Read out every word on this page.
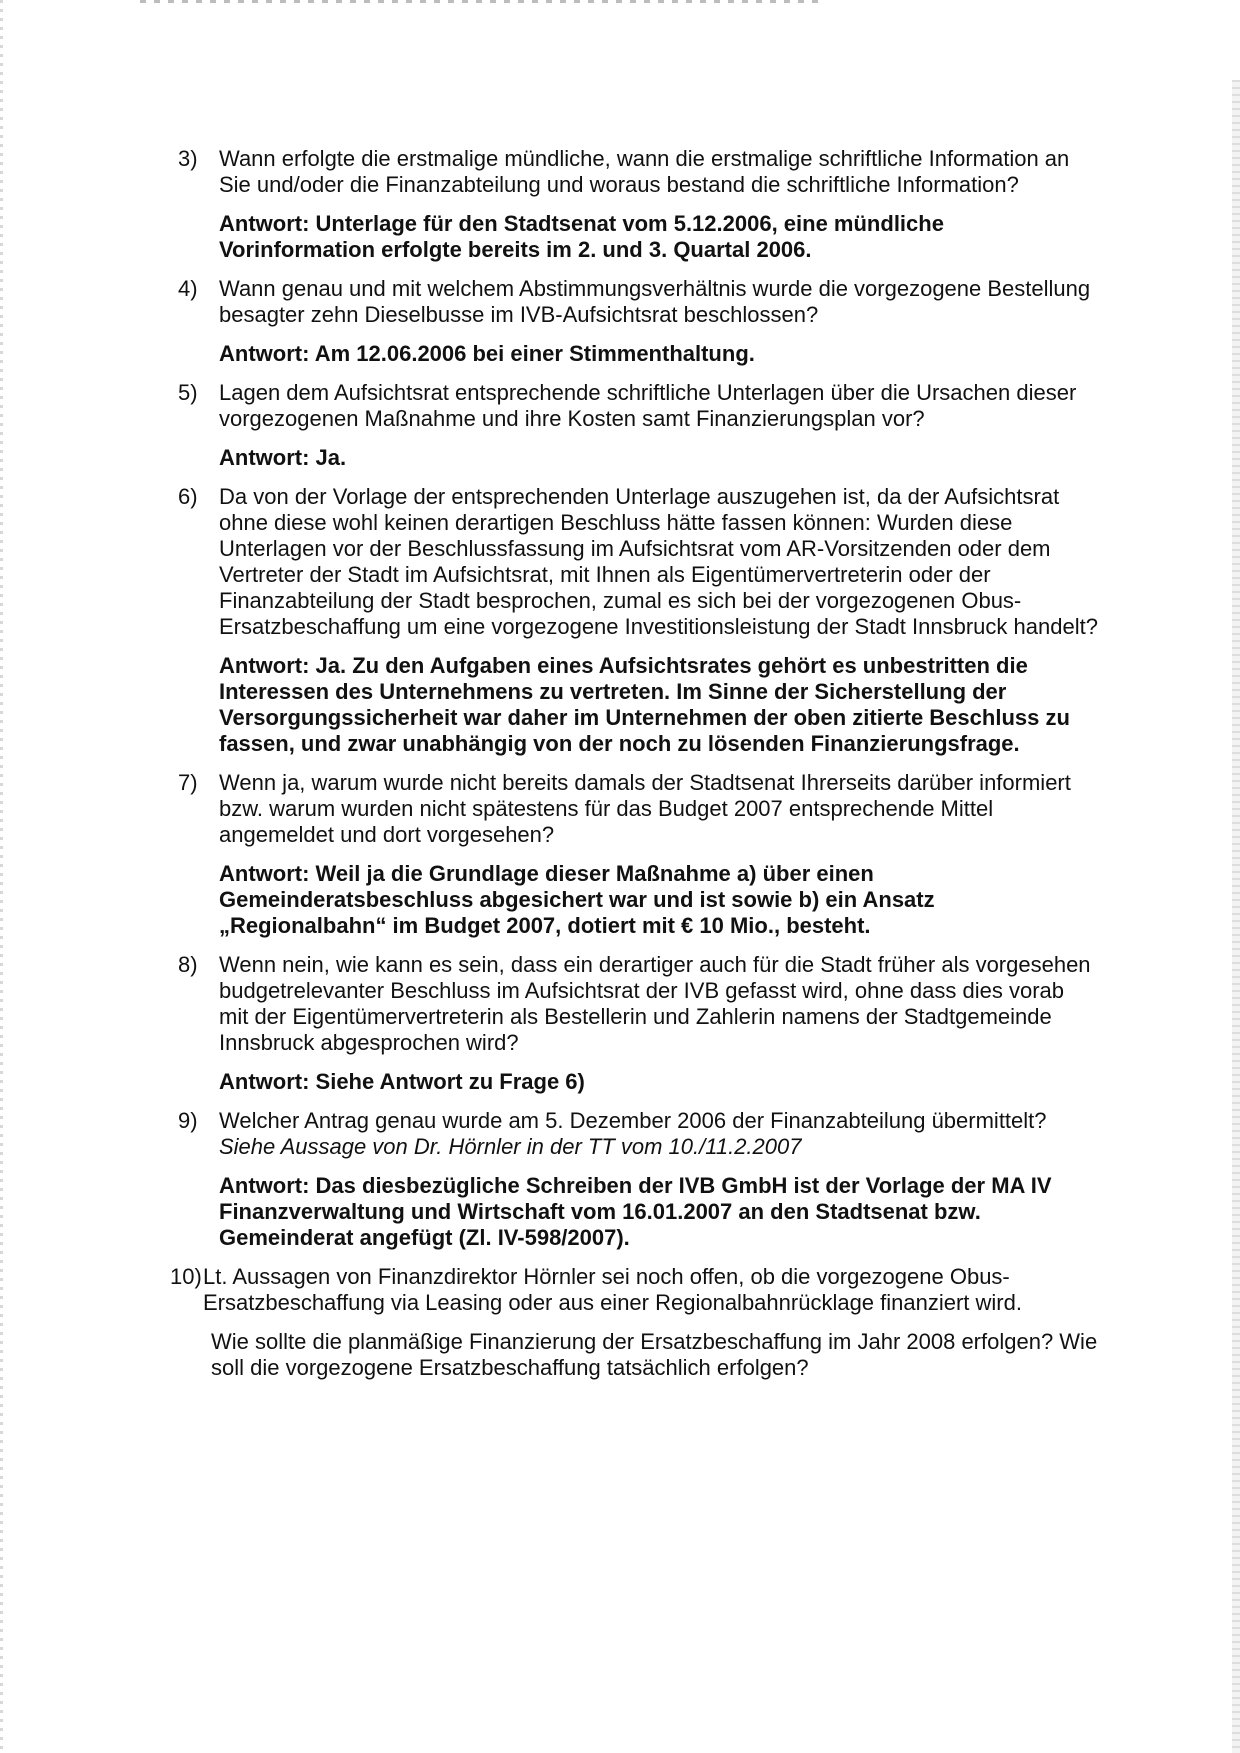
3) Wann erfolgte die erstmalige mündliche, wann die erstmalige schriftliche Information an Sie und/oder die Finanzabteilung und woraus bestand die schriftliche Information?
Antwort: Unterlage für den Stadtsenat vom 5.12.2006, eine mündliche Vorinformation erfolgte bereits im 2. und 3. Quartal 2006.
4) Wann genau und mit welchem Abstimmungsverhältnis wurde die vorgezogene Bestellung besagter zehn Dieselbusse im IVB-Aufsichtsrat beschlossen?
Antwort: Am 12.06.2006 bei einer Stimmenthaltung.
5) Lagen dem Aufsichtsrat entsprechende schriftliche Unterlagen über die Ursachen dieser vorgezogenen Maßnahme und ihre Kosten samt Finanzierungsplan vor?
Antwort: Ja.
6) Da von der Vorlage der entsprechenden Unterlage auszugehen ist, da der Aufsichtsrat ohne diese wohl keinen derartigen Beschluss hätte fassen können: Wurden diese Unterlagen vor der Beschlussfassung im Aufsichtsrat vom AR-Vorsitzenden oder dem Vertreter der Stadt im Aufsichtsrat, mit Ihnen als Eigentümervertreterin oder der Finanzabteilung der Stadt besprochen, zumal es sich bei der vorgezogenen Obus-Ersatzbeschaffung um eine vorgezogene Investitionsleistung der Stadt Innsbruck handelt?
Antwort: Ja. Zu den Aufgaben eines Aufsichtsrates gehört es unbestritten die Interessen des Unternehmens zu vertreten. Im Sinne der Sicherstellung der Versorgungssicherheit war daher im Unternehmen der oben zitierte Beschluss zu fassen, und zwar unabhängig von der noch zu lösenden Finanzierungsfrage.
7) Wenn ja, warum wurde nicht bereits damals der Stadtsenat Ihrerseits darüber informiert bzw. warum wurden nicht spätestens für das Budget 2007 entsprechende Mittel angemeldet und dort vorgesehen?
Antwort: Weil ja die Grundlage dieser Maßnahme a) über einen Gemeinderatsbeschluss abgesichert war und ist sowie b) ein Ansatz „Regionalbahn“ im Budget 2007, dotiert mit € 10 Mio., besteht.
8) Wenn nein, wie kann es sein, dass ein derartiger auch für die Stadt früher als vorgesehen budgetrelevanter Beschluss im Aufsichtsrat der IVB gefasst wird, ohne dass dies vorab mit der Eigentümervertreterin als Bestellerin und Zahlerin namens der Stadtgemeinde Innsbruck abgesprochen wird?
Antwort: Siehe Antwort zu Frage 6)
9) Welcher Antrag genau wurde am 5. Dezember 2006 der Finanzabteilung übermittelt?
Siehe Aussage von Dr. Hörnler in der TT vom 10./11.2.2007
Antwort: Das diesbezügliche Schreiben der IVB GmbH ist der Vorlage der MA IV Finanzverwaltung und Wirtschaft vom 16.01.2007 an den Stadtsenat bzw. Gemeinderat angefügt (Zl. IV-598/2007).
10) Lt. Aussagen von Finanzdirektor Hörnler sei noch offen, ob die vorgezogene Obus-Ersatzbeschaffung via Leasing oder aus einer Regionalbahnrücklage finanziert wird.
Wie sollte die planmäßige Finanzierung der Ersatzbeschaffung im Jahr 2008 erfolgen? Wie soll die vorgezogene Ersatzbeschaffung tatsächlich erfolgen?
